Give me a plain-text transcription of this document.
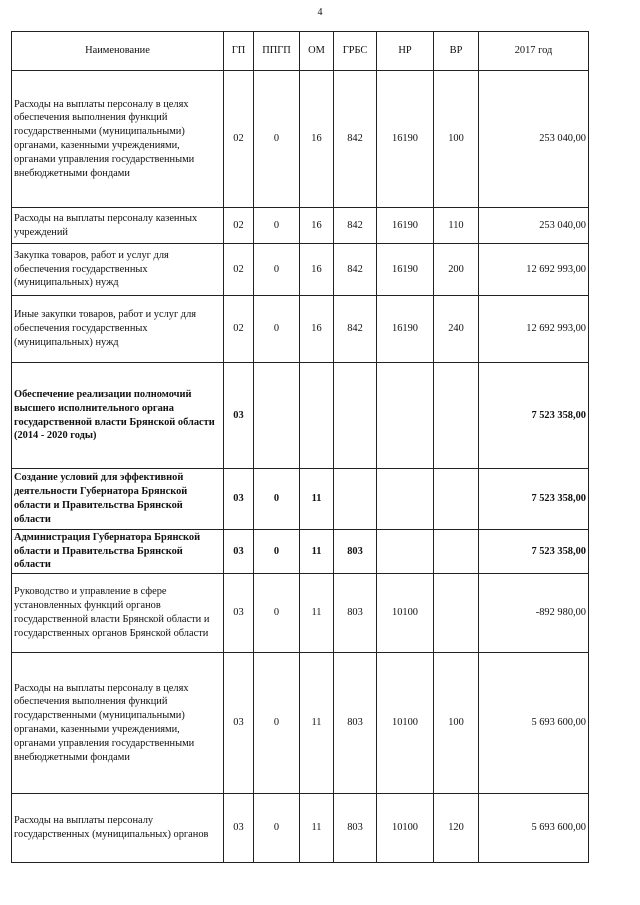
4
Наименование	ГП	ППГП	ОМ	ГРБС	НР	ВР	2017 год
Расходы на выплаты персоналу в целях обеспечения выполнения функций государственными (муниципальными) органами, казенными учреждениями, органами управления государственными внебюджетными фондами	02	0	16	842	16190	100	253 040,00
Расходы на выплаты персоналу казенных учреждений	02	0	16	842	16190	110	253 040,00
Закупка товаров, работ и услуг для обеспечения государственных (муниципальных) нужд	02	0	16	842	16190	200	12 692 993,00
Иные закупки товаров, работ и услуг для обеспечения государственных (муниципальных) нужд	02	0	16	842	16190	240	12 692 993,00
Обеспечение реализации полномочий высшего исполнительного органа государственной власти Брянской области (2014 - 2020 годы)	03						7 523 358,00
Создание условий для эффективной деятельности Губернатора Брянской области и Правительства Брянской области	03	0	11				7 523 358,00
Администрация Губернатора Брянской области и Правительства Брянской области	03	0	11	803			7 523 358,00
Руководство и управление в сфере установленных функций органов государственной власти Брянской области и государственных органов Брянской области	03	0	11	803	10100		-892 980,00
Расходы на выплаты персоналу в целях обеспечения выполнения функций государственными (муниципальными) органами, казенными учреждениями, органами управления государственными внебюджетными фондами	03	0	11	803	10100	100	5 693 600,00
Расходы на выплаты персоналу государственных (муниципальных) органов	03	0	11	803	10100	120	5 693 600,00
